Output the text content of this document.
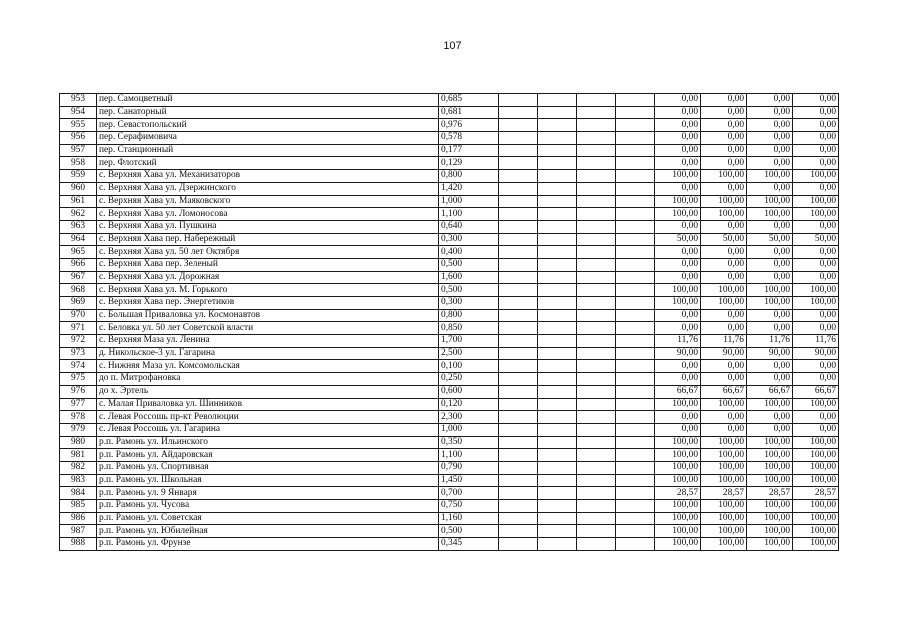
107
953	пер. Самоцветный	0,685					0,00	0,00	0,00	0,00
954	пер. Санаторный	0,681					0,00	0,00	0,00	0,00
955	пер. Севастопольский	0,976					0,00	0,00	0,00	0,00
956	пер. Серафимовича	0,578					0,00	0,00	0,00	0,00
957	пер. Станционный	0,177					0,00	0,00	0,00	0,00
958	пер. Флотский	0,129					0,00	0,00	0,00	0,00
959	с. Верхняя Хава ул. Механизаторов	0,800					100,00	100,00	100,00	100,00
960	с. Верхняя Хава ул. Дзержинского	1,420					0,00	0,00	0,00	0,00
961	с. Верхняя Хава ул. Маяковского	1,000					100,00	100,00	100,00	100,00
962	с. Верхняя Хава ул. Ломоносова	1,100					100,00	100,00	100,00	100,00
963	с. Верхняя Хава ул. Пушкина	0,640					0,00	0,00	0,00	0,00
964	с. Верхняя Хава пер. Набережный	0,300					50,00	50,00	50,00	50,00
965	с. Верхняя Хава ул. 50 лет Октября	0,400					0,00	0,00	0,00	0,00
966	с. Верхняя Хава пер. Зеленый	0,500					0,00	0,00	0,00	0,00
967	с. Верхняя Хава ул. Дорожная	1,600					0,00	0,00	0,00	0,00
968	с. Верхняя Хава ул. М. Горького	0,500					100,00	100,00	100,00	100,00
969	с. Верхняя Хава пер. Энергетиков	0,300					100,00	100,00	100,00	100,00
970	с. Большая Приваловка ул. Космонавтов	0,800					0,00	0,00	0,00	0,00
971	с. Беловка ул. 50 лет Советской власти	0,850					0,00	0,00	0,00	0,00
972	с. Верхняя Маза ул. Ленина	1,700					11,76	11,76	11,76	11,76
973	д. Никольское-3 ул. Гагарина	2,500					90,00	90,00	90,00	90,00
974	с. Нижняя Маза ул. Комсомольская	0,100					0,00	0,00	0,00	0,00
975	до п. Митрофановка	0,250					0,00	0,00	0,00	0,00
976	до х. Эртель	0,600					66,67	66,67	66,67	66,67
977	с. Малая Приваловка ул. Шинников	0,120					100,00	100,00	100,00	100,00
978	с. Левая Россошь пр-кт Революции	2,300					0,00	0,00	0,00	0,00
979	с. Левая Россошь ул. Гагарина	1,000					0,00	0,00	0,00	0,00
980	р.п. Рамонь ул. Ильинского	0,350					100,00	100,00	100,00	100,00
981	р.п. Рамонь ул. Айдаровская	1,100					100,00	100,00	100,00	100,00
982	р.п. Рамонь ул. Спортивная	0,790					100,00	100,00	100,00	100,00
983	р.п. Рамонь ул. Школьная	1,450					100,00	100,00	100,00	100,00
984	р.п. Рамонь ул. 9 Января	0,700					28,57	28,57	28,57	28,57
985	р.п. Рамонь ул. Чусова	0,750					100,00	100,00	100,00	100,00
986	р.п. Рамонь ул. Советская	1,160					100,00	100,00	100,00	100,00
987	р.п. Рамонь ул. Юбилейная	0,500					100,00	100,00	100,00	100,00
988	р.п. Рамонь ул. Фрунзе	0,345					100,00	100,00	100,00	100,00
